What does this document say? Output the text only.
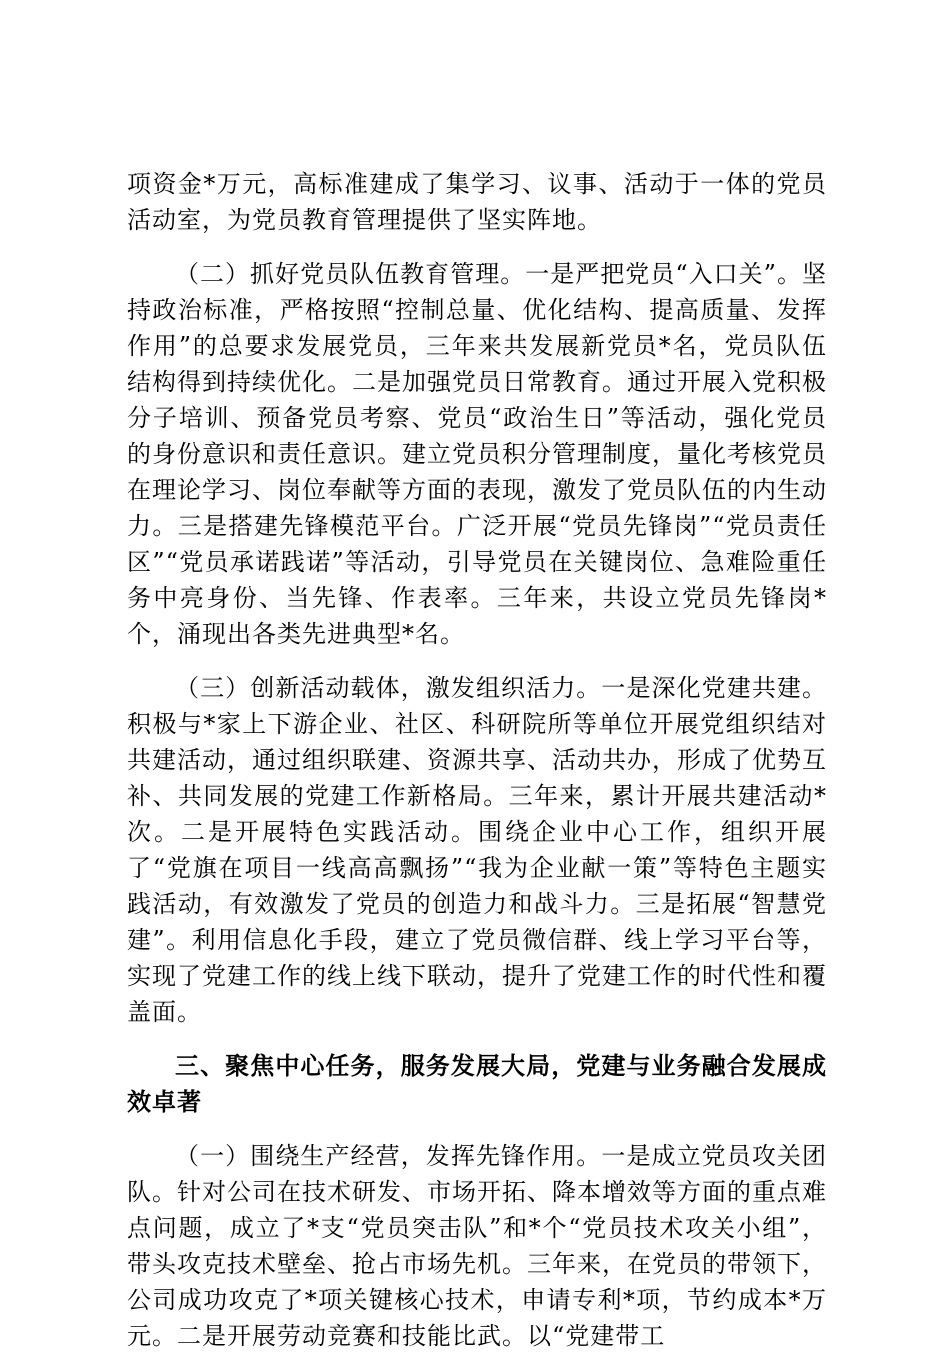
项资金*万元，高标准建成了集学习、议事、活动于一体的党员活动室，为党员教育管理提供了坚实阵地。

（二）抓好党员队伍教育管理。一是严把党员“入口关”。坚持政治标准，严格按照“控制总量、优化结构、提高质量、发挥作用”的总要求发展党员，三年来共发展新党员*名，党员队伍结构得到持续优化。二是加强党员日常教育。通过开展入党积极分子培训、预备党员考察、党员“政治生日”等活动，强化党员的身份意识和责任意识。建立党员积分管理制度，量化考核党员在理论学习、岗位奉献等方面的表现，激发了党员队伍的内生动力。三是搭建先锋模范平台。广泛开展“党员先锋岗”“党员责任区”“党员承诺践诺”等活动，引导党员在关键岗位、急难险重任务中亮身份、当先锋、作表率。三年来，共设立党员先锋岗*个，涌现出各类先进典型*名。

（三）创新活动载体，激发组织活力。一是深化党建共建。积极与*家上下游企业、社区、科研院所等单位开展党组织结对共建活动，通过组织联建、资源共享、活动共办，形成了优势互补、共同发展的党建工作新格局。三年来，累计开展共建活动*次。二是开展特色实践活动。围绕企业中心工作，组织开展了“党旗在项目一线高高飘扬”“我为企业献一策”等特色主题实践活动，有效激发了党员的创造力和战斗力。三是拓展“智慧党建”。利用信息化手段，建立了党员微信群、线上学习平台等，实现了党建工作的线上线下联动，提升了党建工作的时代性和覆盖面。

三、聚焦中心任务，服务发展大局，党建与业务融合发展成效卓著

（一）围绕生产经营，发挥先锋作用。一是成立党员攻关团队。针对公司在技术研发、市场开拓、降本增效等方面的重点难点问题，成立了*支“党员突击队”和*个“党员技术攻关小组”，带头攻克技术壁垒、抢占市场先机。三年来，在党员的带领下，公司成功攻克了*项关键核心技术，申请专利*项，节约成本*万元。二是开展劳动竞赛和技能比武。以“党建带工
